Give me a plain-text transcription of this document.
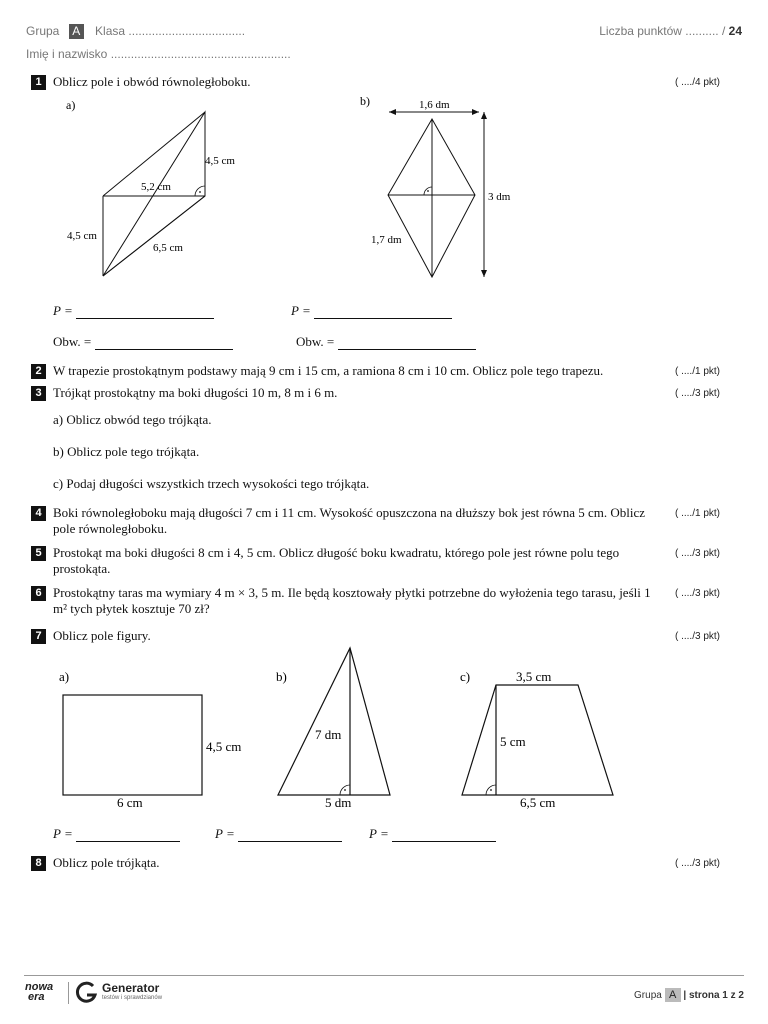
Grupa A Klasa ...................................	Liczba punktów .......... / 24
Imię i nazwisko ......................................................
1 Oblicz pole i obwód równoległoboku.	( ..../4 pkt)
a)
4,5 cm
5,2 cm
4,5 cm
6,5 cm
b)	1,6 dm
3 dm
1,7 dm
P =	P =
Obw. =	Obw. =
2 W trapezie prostokątnym podstawy mają 9 cm i 15 cm, a ramiona 8 cm i 10 cm. Oblicz pole tego trapezu.	( ..../1 pkt)
3 Trójkąt prostokątny ma boki długości 10 m, 8 m i 6 m.	( ..../3 pkt)
a) Oblicz obwód tego trójkąta.
b) Oblicz pole tego trójkąta.
c) Podaj długości wszystkich trzech wysokości tego trójkąta.
4 Boki równoległoboku mają długości 7 cm i 11 cm. Wysokość opuszczona na dłuższy bok jest równa 5 cm. Oblicz pole równoległoboku.
( ..../1 pkt)
5 Prostokąt ma boki długości 8 cm i 4, 5 cm. Oblicz długość boku kwadratu, którego pole jest równe polu tego prostokąta.
( ..../3 pkt)
6 Prostokątny taras ma wymiary 4 m × 3, 5 m. Ile będą kosztowały płytki potrzebne do wyłożenia tego tarasu, jeśli 1 m² tych płytek kosztuje 70 zł?
( ..../3 pkt)
7 Oblicz pole figury.	( ..../3 pkt)
a)
4,5 cm
6 cm
b)
7 dm
5 dm
c)	3,5 cm
5 cm
6,5 cm
P =	P =	P =
8 Oblicz pole trójkąta.	( ..../3 pkt)
nowa
era
Generator
testów i sprawdzianów	Grupa A | strona 1 z 2
